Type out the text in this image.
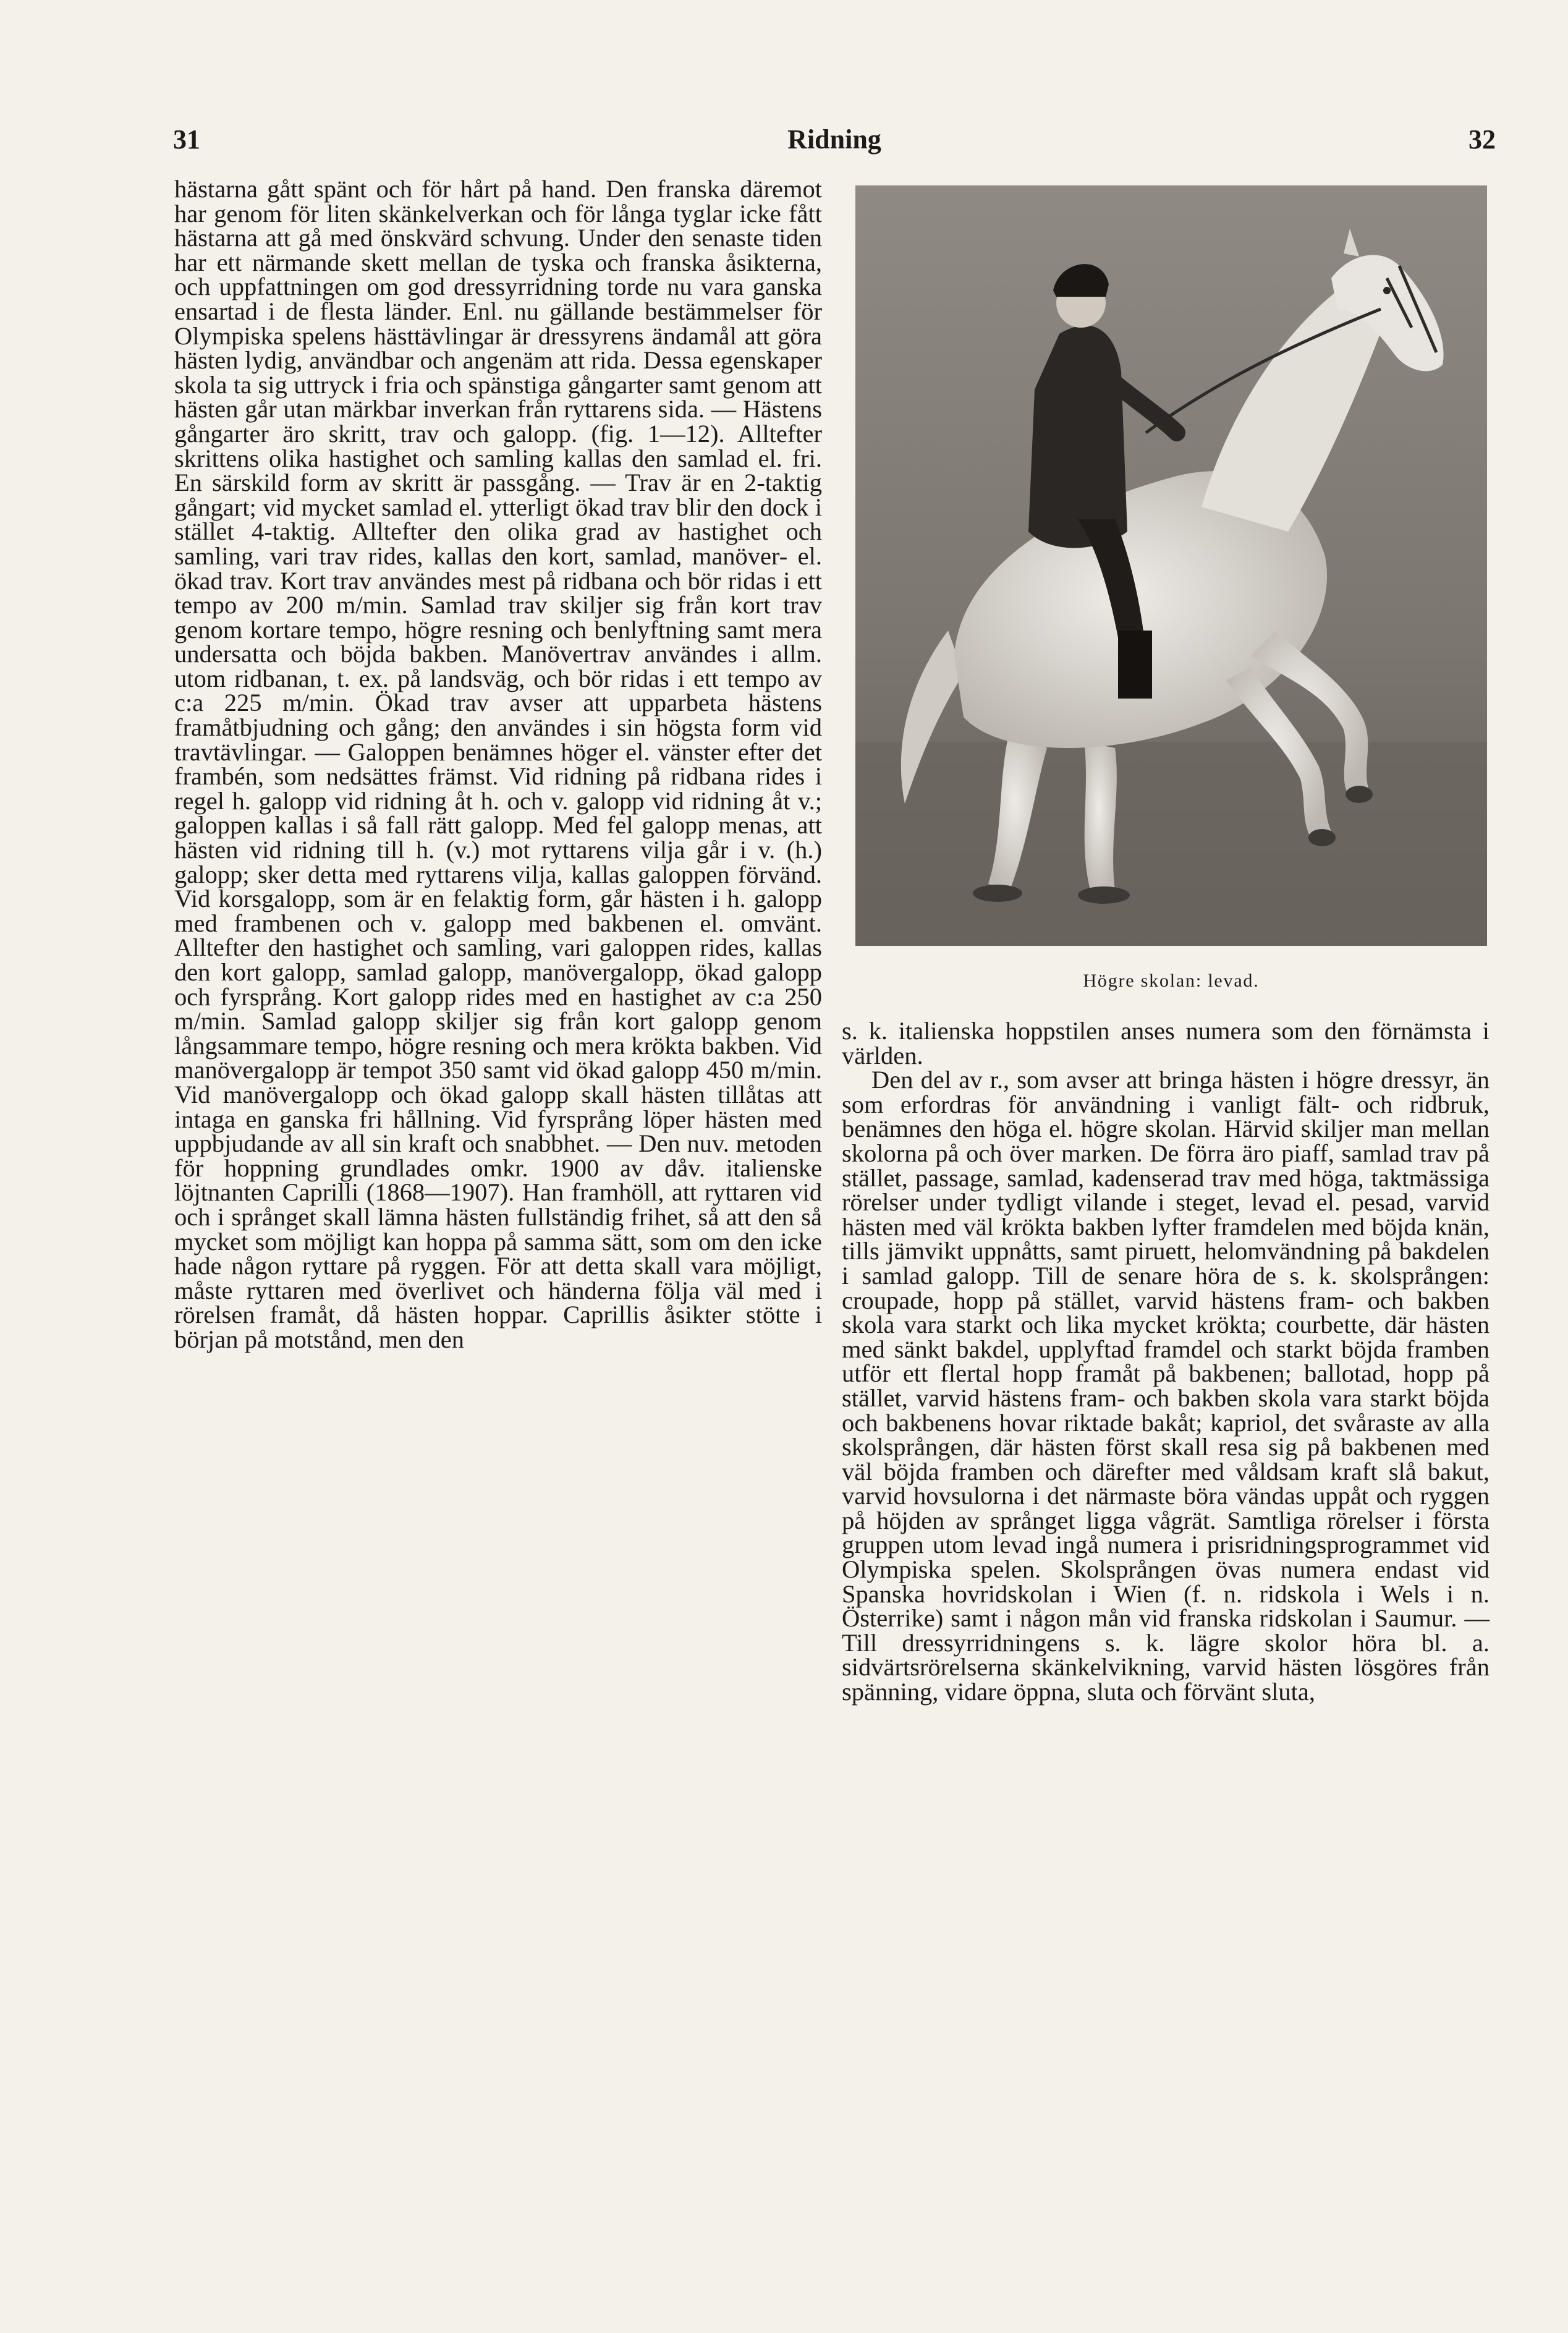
31	Ridning	32

hästarna gått spänt och för hårt på hand. Den franska däremot har genom för liten skänkelverkan och för långa tyglar icke fått hästarna att gå med önskvärd schvung. Under den senaste tiden har ett närmande skett mellan de tyska och franska åsikterna, och uppfattningen om god dressyrridning torde nu vara ganska ensartad i de flesta länder. Enl. nu gällande bestämmelser för Olympiska spelens hästtävlingar är dressyrens ändamål att göra hästen lydig, användbar och angenäm att rida. Dessa egenskaper skola ta sig uttryck i fria och spänstiga gångarter samt genom att hästen går utan märkbar inverkan från ryttarens sida. — Hästens gångarter äro skritt, trav och galopp. (fig. 1—12). Alltefter skrittens olika hastighet och samling kallas den samlad el. fri. En särskild form av skritt är passgång. — Trav är en 2-taktig gångart; vid mycket samlad el. ytterligt ökad trav blir den dock i stället 4-taktig. Alltefter den olika grad av hastighet och samling, vari trav rides, kallas den kort, samlad, manöver- el. ökad trav. Kort trav användes mest på ridbana och bör ridas i ett tempo av 200 m/min. Samlad trav skiljer sig från kort trav genom kortare tempo, högre resning och benlyftning samt mera undersatta och böjda bakben. Manövertrav användes i allm. utom ridbanan, t. ex. på landsväg, och bör ridas i ett tempo av c:a 225 m/min. Ökad trav avser att upparbeta hästens framåtbjudning och gång; den användes i sin högsta form vid travtävlingar. — Galoppen benämnes höger el. vänster efter det frambén, som nedsättes främst. Vid ridning på ridbana rides i regel h. galopp vid ridning åt h. och v. galopp vid ridning åt v.; galoppen kallas i så fall rätt galopp. Med fel galopp menas, att hästen vid ridning till h. (v.) mot ryttarens vilja går i v. (h.) galopp; sker detta med ryttarens vilja, kallas galoppen förvänd. Vid korsgalopp, som är en felaktig form, går hästen i h. galopp med frambenen och v. galopp med bakbenen el. omvänt. Alltefter den hastighet och samling, vari galoppen rides, kallas den kort galopp, samlad galopp, manövergalopp, ökad galopp och fyrsprång. Kort galopp rides med en hastighet av c:a 250 m/min. Samlad galopp skiljer sig från kort galopp genom långsammare tempo, högre resning och mera krökta bakben. Vid manövergalopp är tempot 350 samt vid ökad galopp 450 m/min. Vid manövergalopp och ökad galopp skall hästen tillåtas att intaga en ganska fri hållning. Vid fyrsprång löper hästen med uppbjudande av all sin kraft och snabbhet. — Den nuv. metoden för hoppning grundlades omkr. 1900 av dåv. italienske löjtnanten Caprilli (1868—1907). Han framhöll, att ryttaren vid och i språnget skall lämna hästen fullständig frihet, så att den så mycket som möjligt kan hoppa på samma sätt, som om den icke hade någon ryttare på ryggen. För att detta skall vara möjligt, måste ryttaren med överlivet och händerna följa väl med i rörelsen framåt, då hästen hoppar. Caprillis åsikter stötte i början på motstånd, men den

Högre skolan: levad.

s. k. italienska hoppstilen anses numera som den förnämsta i världen.

Den del av r., som avser att bringa hästen i högre dressyr, än som erfordras för användning i vanligt fält- och ridbruk, benämnes den höga el. högre skolan. Härvid skiljer man mellan skolorna på och över marken. De förra äro piaff, samlad trav på stället, passage, samlad, kadenserad trav med höga, taktmässiga rörelser under tydligt vilande i steget, levad el. pesad, varvid hästen med väl krökta bakben lyfter framdelen med böjda knän, tills jämvikt uppnåtts, samt piruett, helomvändning på bakdelen i samlad galopp. Till de senare höra de s. k. skolsprången: croupade, hopp på stället, varvid hästens fram- och bakben skola vara starkt och lika mycket krökta; courbette, där hästen med sänkt bakdel, upplyftad framdel och starkt böjda framben utför ett flertal hopp framåt på bakbenen; ballotad, hopp på stället, varvid hästens fram- och bakben skola vara starkt böjda och bakbenens hovar riktade bakåt; kapriol, det svåraste av alla skolsprången, där hästen först skall resa sig på bakbenen med väl böjda framben och därefter med våldsam kraft slå bakut, varvid hovsulorna i det närmaste böra vändas uppåt och ryggen på höjden av språnget ligga vågrät. Samtliga rörelser i första gruppen utom levad ingå numera i prisridningsprogrammet vid Olympiska spelen. Skolsprången övas numera endast vid Spanska hovridskolan i Wien (f. n. ridskola i Wels i n. Österrike) samt i någon mån vid franska ridskolan i Saumur. — Till dressyrridningens s. k. lägre skolor höra bl. a. sidvärtsrörelserna skänkelvikning, varvid hästen lösgöres från spänning, vidare öppna, sluta och förvänt sluta,
